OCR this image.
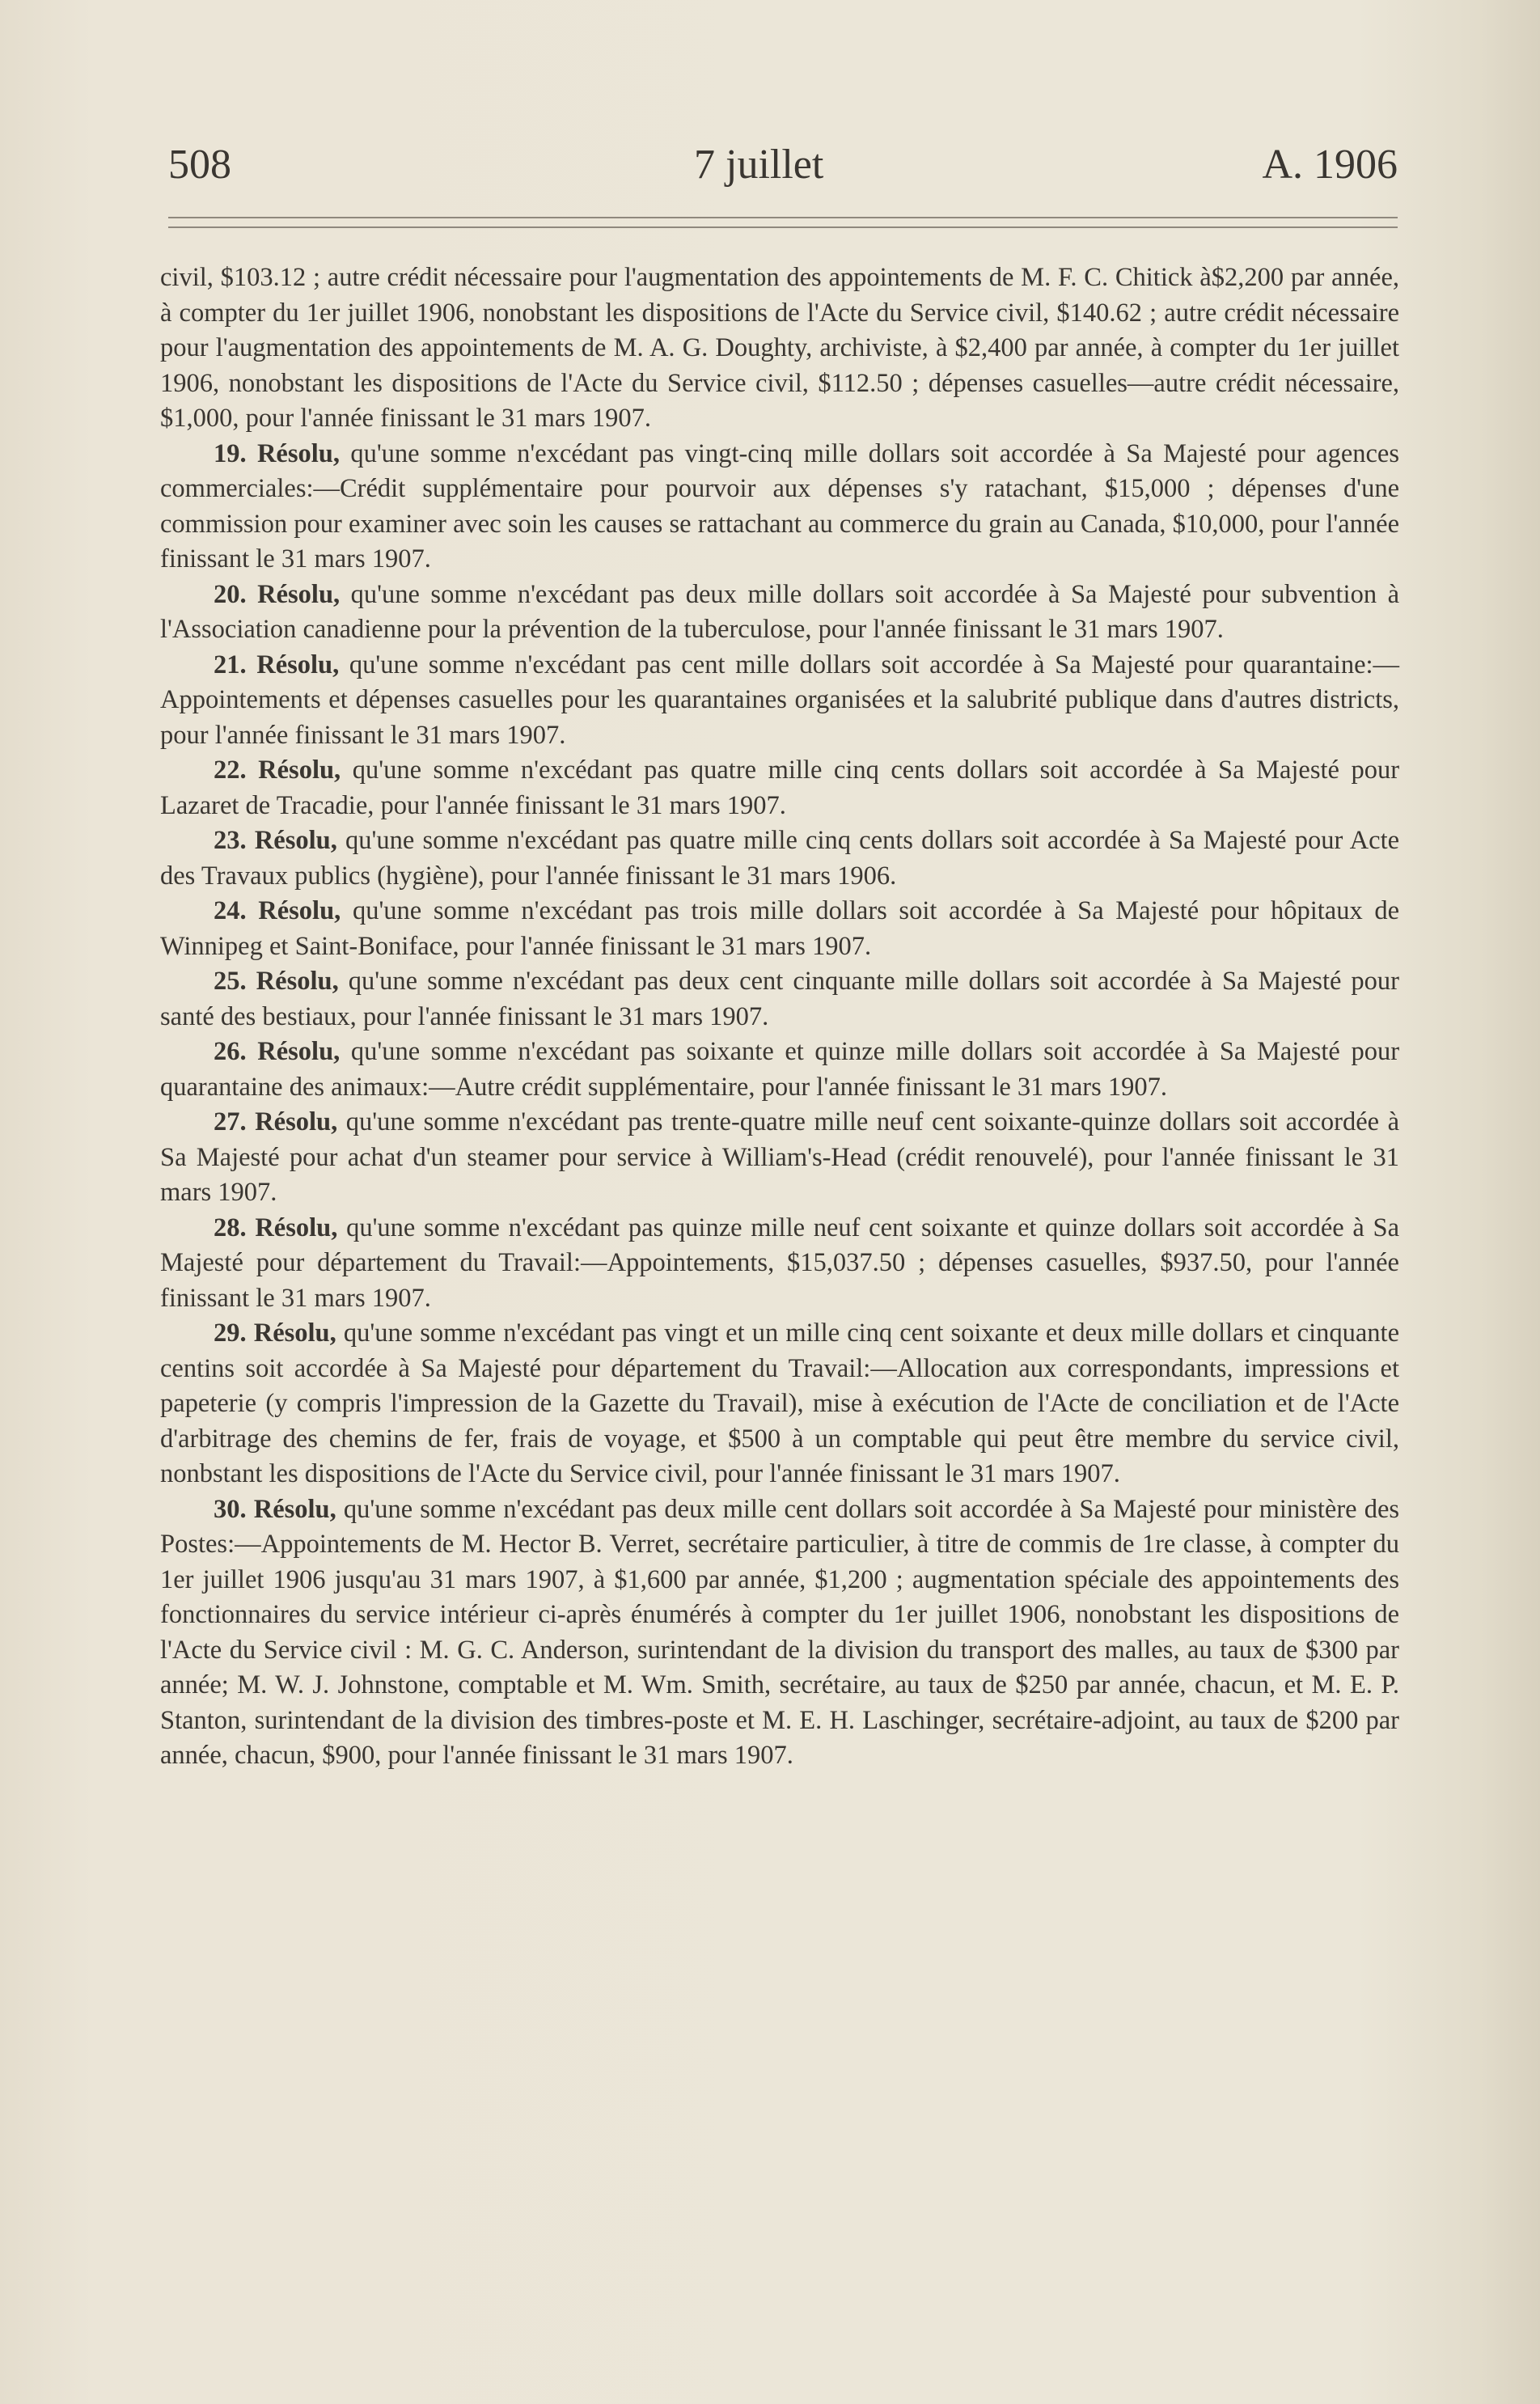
508	7 juillet	A. 1906

civil, $103.12 ; autre crédit nécessaire pour l'augmentation des appointements de M. F. C. Chitick à$2,200 par année, à compter du 1er juillet 1906, nonobstant les dispositions de l'Acte du Service civil, $140.62 ; autre crédit nécessaire pour l'augmentation des appointements de M. A. G. Doughty, archiviste, à $2,400 par année, à compter du 1er juillet 1906, nonobstant les dispositions de l'Acte du Service civil, $112.50 ; dépenses casuelles—autre crédit nécessaire, $1,000, pour l'année finissant le 31 mars 1907.

19. Résolu, qu'une somme n'excédant pas vingt-cinq mille dollars soit accordée à Sa Majesté pour agences commerciales:—Crédit supplémentaire pour pourvoir aux dépenses s'y ratachant, $15,000 ; dépenses d'une commission pour examiner avec soin les causes se rattachant au commerce du grain au Canada, $10,000, pour l'année finissant le 31 mars 1907.

20. Résolu, qu'une somme n'excédant pas deux mille dollars soit accordée à Sa Majesté pour subvention à l'Association canadienne pour la prévention de la tuberculose, pour l'année finissant le 31 mars 1907.

21. Résolu, qu'une somme n'excédant pas cent mille dollars soit accordée à Sa Majesté pour quarantaine:—Appointements et dépenses casuelles pour les quarantaines organisées et la salubrité publique dans d'autres districts, pour l'année finissant le 31 mars 1907.

22. Résolu, qu'une somme n'excédant pas quatre mille cinq cents dollars soit accordée à Sa Majesté pour Lazaret de Tracadie, pour l'année finissant le 31 mars 1907.

23. Résolu, qu'une somme n'excédant pas quatre mille cinq cents dollars soit accordée à Sa Majesté pour Acte des Travaux publics (hygiène), pour l'année finissant le 31 mars 1906.

24. Résolu, qu'une somme n'excédant pas trois mille dollars soit accordée à Sa Majesté pour hôpitaux de Winnipeg et Saint-Boniface, pour l'année finissant le 31 mars 1907.

25. Résolu, qu'une somme n'excédant pas deux cent cinquante mille dollars soit accordée à Sa Majesté pour santé des bestiaux, pour l'année finissant le 31 mars 1907.

26. Résolu, qu'une somme n'excédant pas soixante et quinze mille dollars soit accordée à Sa Majesté pour quarantaine des animaux:—Autre crédit supplémentaire, pour l'année finissant le 31 mars 1907.

27. Résolu, qu'une somme n'excédant pas trente-quatre mille neuf cent soixante-quinze dollars soit accordée à Sa Majesté pour achat d'un steamer pour service à William's-Head (crédit renouvelé), pour l'année finissant le 31 mars 1907.

28. Résolu, qu'une somme n'excédant pas quinze mille neuf cent soixante et quinze dollars soit accordée à Sa Majesté pour département du Travail:—Appointements, $15,037.50 ; dépenses casuelles, $937.50, pour l'année finissant le 31 mars 1907.

29. Résolu, qu'une somme n'excédant pas vingt et un mille cinq cent soixante et deux mille dollars et cinquante centins soit accordée à Sa Majesté pour département du Travail:—Allocation aux correspondants, impressions et papeterie (y compris l'impression de la Gazette du Travail), mise à exécution de l'Acte de conciliation et de l'Acte d'arbitrage des chemins de fer, frais de voyage, et $500 à un comptable qui peut être membre du service civil, nonbstant les dispositions de l'Acte du Service civil, pour l'année finissant le 31 mars 1907.

30. Résolu, qu'une somme n'excédant pas deux mille cent dollars soit accordée à Sa Majesté pour ministère des Postes:—Appointements de M. Hector B. Verret, secrétaire particulier, à titre de commis de 1re classe, à compter du 1er juillet 1906 jusqu'au 31 mars 1907, à $1,600 par année, $1,200 ; augmentation spéciale des appointements des fonctionnaires du service intérieur ci-après énumérés à compter du 1er juillet 1906, nonobstant les dispositions de l'Acte du Service civil : M. G. C. Anderson, surintendant de la division du transport des malles, au taux de $300 par année; M. W. J. Johnstone, comptable et M. Wm. Smith, secrétaire, au taux de $250 par année, chacun, et M. E. P. Stanton, surintendant de la division des timbres-poste et M. E. H. Laschinger, secrétaire-adjoint, au taux de $200 par année, chacun, $900, pour l'année finissant le 31 mars 1907.
